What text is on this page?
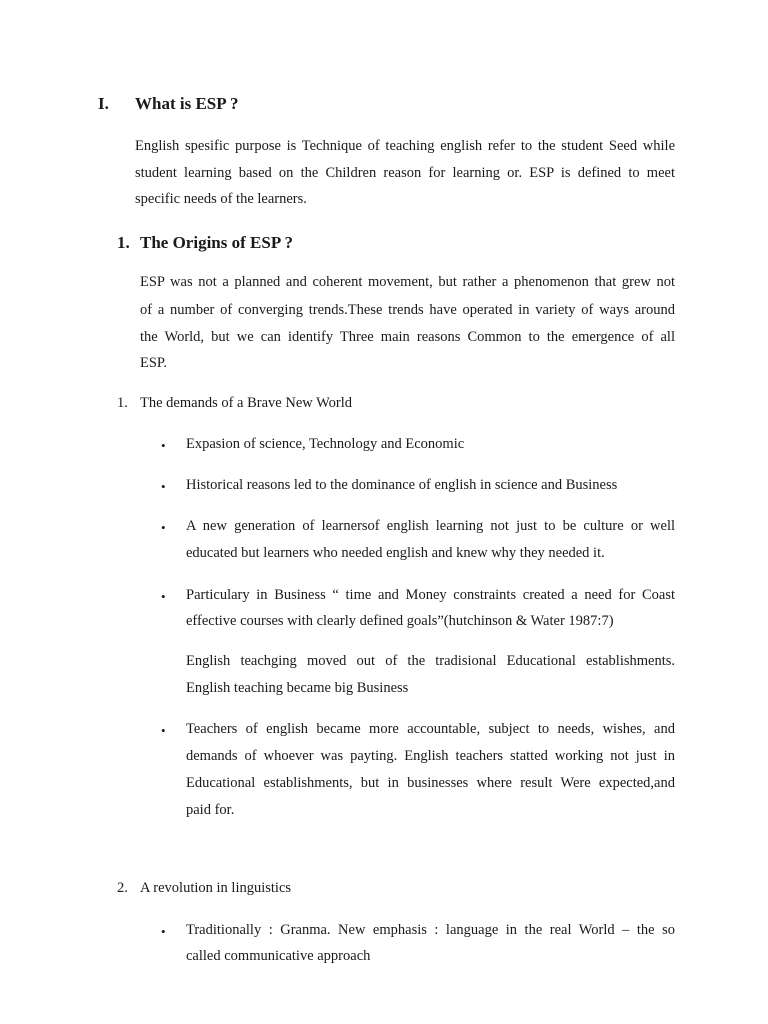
I. What is ESP ?
English spesific purpose is Technique of teaching english refer to the student Seed while
student learning based on the Children reason for learning or. ESP is defined to meet
specific needs of the learners.
1. The Origins of ESP ?
ESP was not a planned and coherent movement, but rather a phenomenon that grew not
of a number of converging trends.These trends have operated in variety of ways around
the World, but we can identify Three main reasons Common to the emergence of all
ESP.
1. The demands of a Brave New World
• Expasion of science, Technology and Economic
• Historical reasons led to the dominance of english in science and Business
• A new generation of learnersof english learning not just to be culture or well
educated but learners who needed english and knew why they needed it.
• Particulary in Business “ time and Money constraints created a need for Coast
effective courses with clearly defined goals”(hutchinson & Water 1987:7)
English teachging moved out of the tradisional Educational establishments.
English teaching became big Business
• Teachers of english became more accountable, subject to needs, wishes, and
demands of whoever was payting. English teachers statted working not just in
Educational establishments, but in businesses where result Were expected,and
paid for.
2. A revolution in linguistics
• Traditionally : Granma. New emphasis : language in the real World – the so
called communicative approach
